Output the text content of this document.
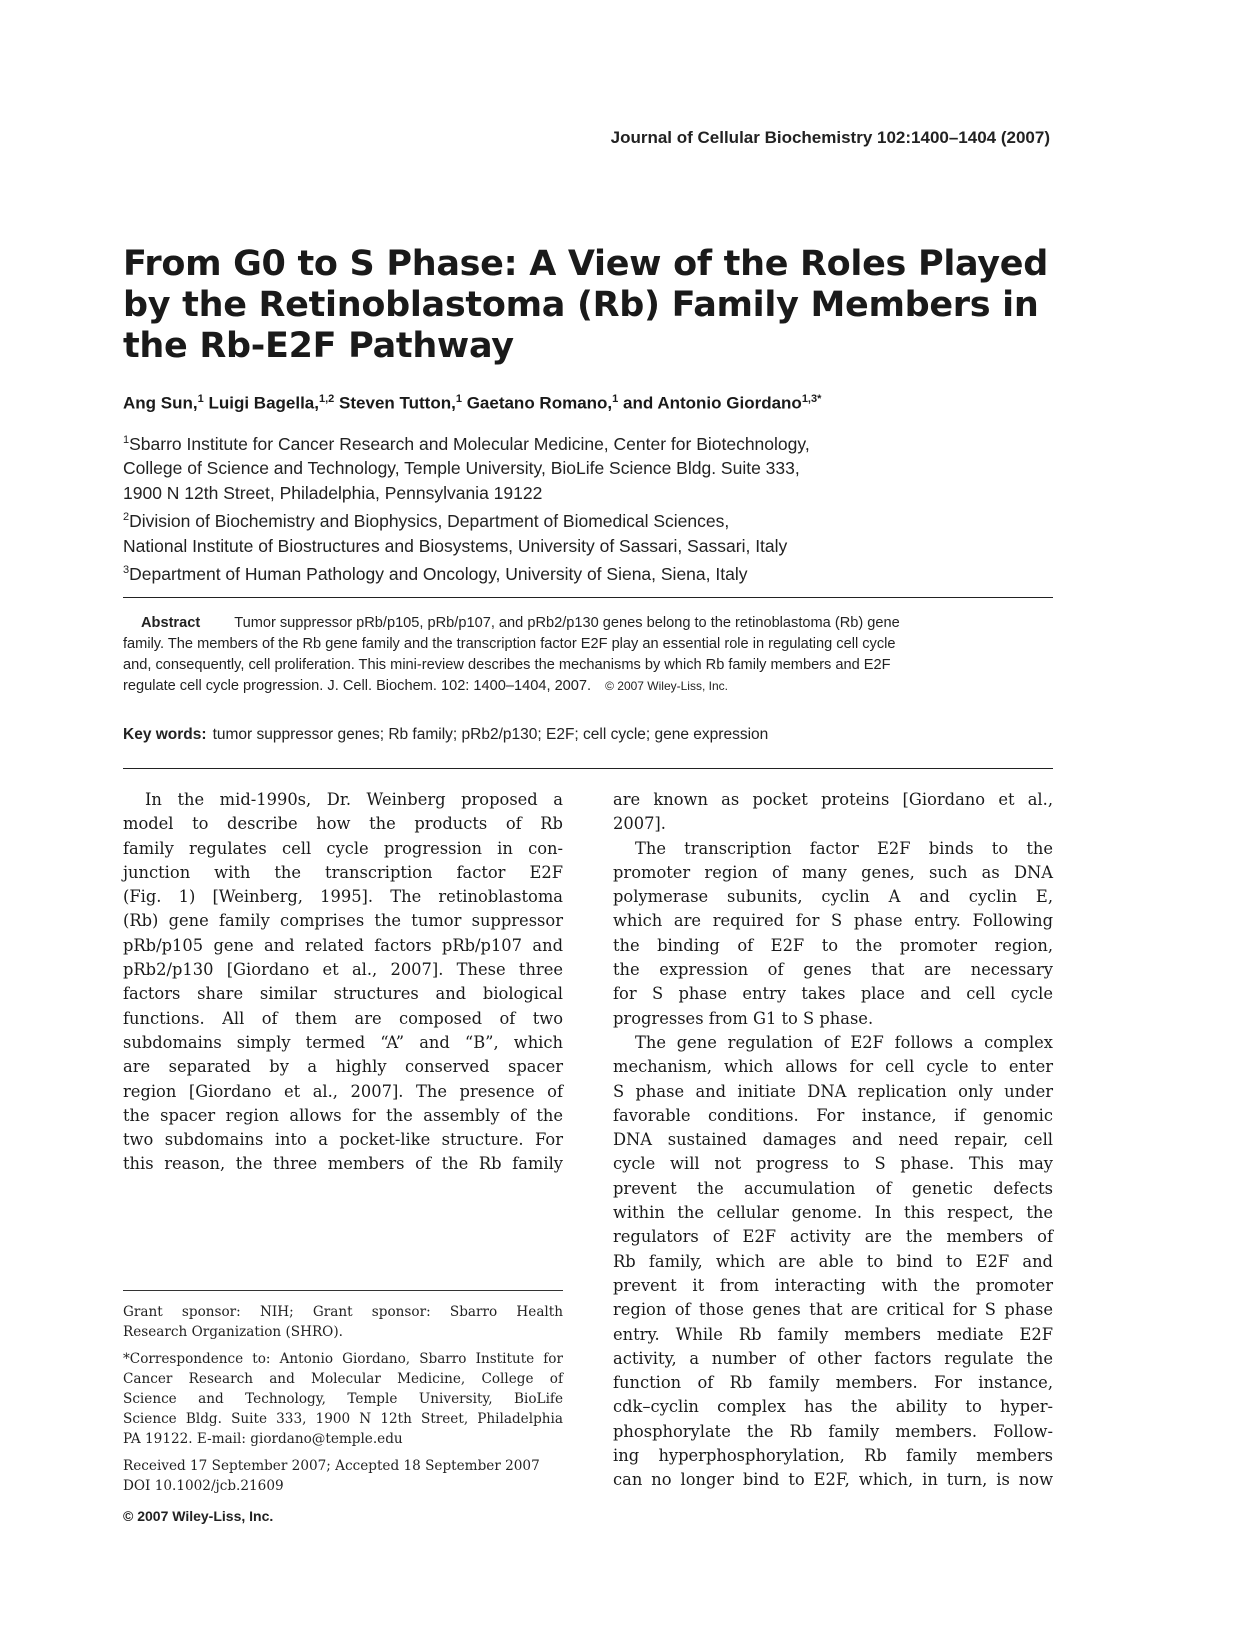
Journal of Cellular Biochemistry 102:1400–1404 (2007)
From G0 to S Phase: A View of the Roles Played
by the Retinoblastoma (Rb) Family Members in
the Rb-E2F Pathway
Ang Sun,$^1$ Luigi Bagella,$^{1,2}$ Steven Tutton,$^1$ Gaetano Romano,$^1$ and Antonio Giordano$^{1,3*}$
$^1$Sbarro Institute for Cancer Research and Molecular Medicine, Center for Biotechnology,
College of Science and Technology, Temple University, BioLife Science Bldg. Suite 333,
1900 N 12th Street, Philadelphia, Pennsylvania 19122
$^2$Division of Biochemistry and Biophysics, Department of Biomedical Sciences,
National Institute of Biostructures and Biosystems, University of Sassari, Sassari, Italy
$^3$Department of Human Pathology and Oncology, University of Siena, Siena, Italy
Abstract Tumor suppressor pRb/p105, pRb/p107, and pRb2/p130 genes belong to the retinoblastoma (Rb) gene
family. The members of the Rb gene family and the transcription factor E2F play an essential role in regulating cell cycle
and, consequently, cell proliferation. This mini-review describes the mechanisms by which Rb family members and E2F
regulate cell cycle progression. J. Cell. Biochem. 102: 1400–1404, 2007. © 2007 Wiley-Liss, Inc.
Key words: tumor suppressor genes; Rb family; pRb2/p130; E2F; cell cycle; gene expression

In the mid-1990s, Dr. Weinberg proposed a
model to describe how the products of Rb
family regulates cell cycle progression in con-
junction with the transcription factor E2F
(Fig. 1) [Weinberg, 1995]. The retinoblastoma
(Rb) gene family comprises the tumor suppressor
pRb/p105 gene and related factors pRb/p107 and
pRb2/p130 [Giordano et al., 2007]. These three
factors share similar structures and biological
functions. All of them are composed of two
subdomains simply termed “A” and “B”, which
are separated by a highly conserved spacer
region [Giordano et al., 2007]. The presence of
the spacer region allows for the assembly of the
two subdomains into a pocket-like structure. For
this reason, the three members of the Rb family

are known as pocket proteins [Giordano et al.,
2007].

The transcription factor E2F binds to the
promoter region of many genes, such as DNA
polymerase subunits, cyclin A and cyclin E,
which are required for S phase entry. Following
the binding of E2F to the promoter region,
the expression of genes that are necessary
for S phase entry takes place and cell cycle
progresses from G1 to S phase.

The gene regulation of E2F follows a complex
mechanism, which allows for cell cycle to enter
S phase and initiate DNA replication only under
favorable conditions. For instance, if genomic
DNA sustained damages and need repair, cell
cycle will not progress to S phase. This may
prevent the accumulation of genetic defects
within the cellular genome. In this respect, the
regulators of E2F activity are the members of
Rb family, which are able to bind to E2F and
prevent it from interacting with the promoter
region of those genes that are critical for S phase
entry. While Rb family members mediate E2F
activity, a number of other factors regulate the
function of Rb family members. For instance,
cdk–cyclin complex has the ability to hyper-
phosphorylate the Rb family members. Follow-
ing hyperphosphorylation, Rb family members
can no longer bind to E2F, which, in turn, is now

Grant sponsor: NIH; Grant sponsor: Sbarro Health
Research Organization (SHRO).
*Correspondence to: Antonio Giordano, Sbarro Institute for
Cancer Research and Molecular Medicine, College of
Science and Technology, Temple University, BioLife
Science Bldg. Suite 333, 1900 N 12th Street, Philadelphia
PA 19122. E-mail: giordano@temple.edu
Received 17 September 2007; Accepted 18 September 2007
DOI 10.1002/jcb.21609
© 2007 Wiley-Liss, Inc.
